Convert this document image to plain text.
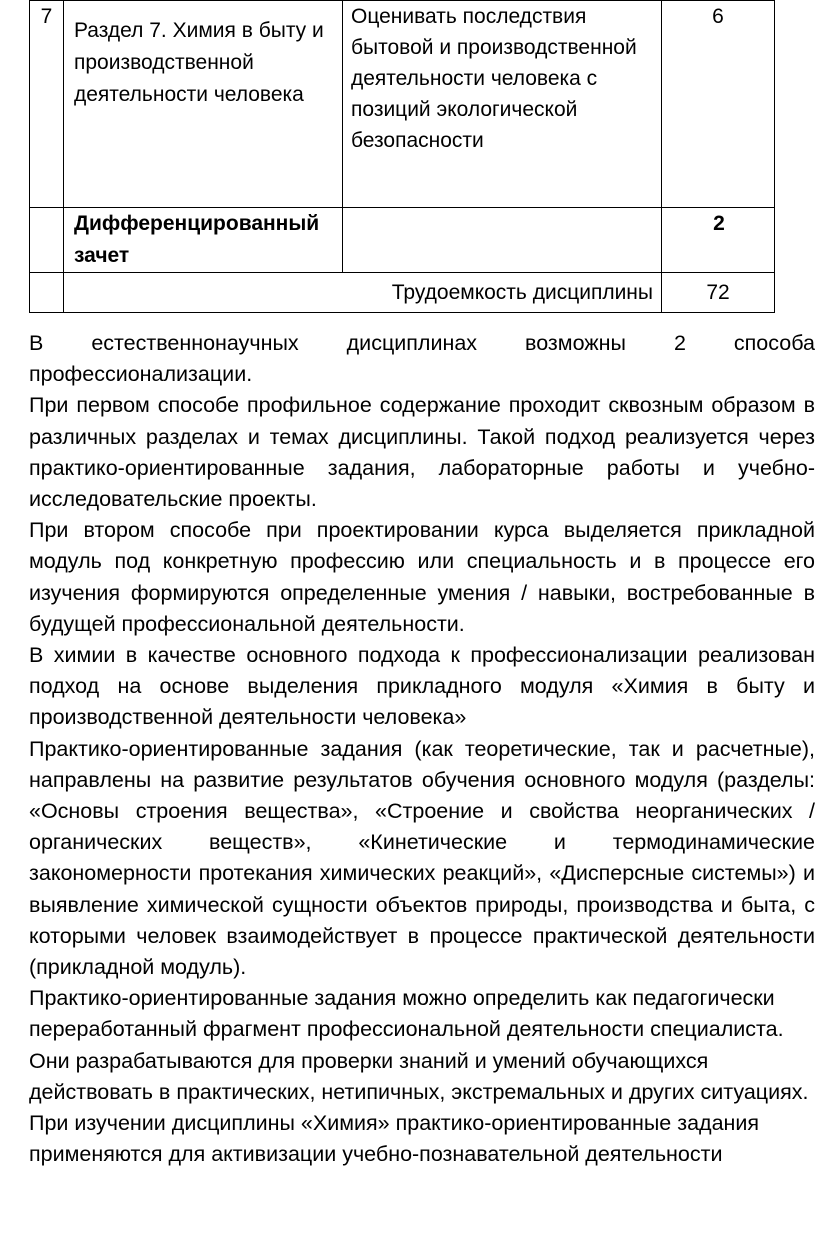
7	Раздел 7. Химия в быту и производственной деятельности человека	Оценивать последствия бытовой и производственной деятельности человека с позиций экологической безопасности	6
	Дифференцированный зачет		2
	Трудоемкость дисциплины		72

В естественнонаучных дисциплинах возможны 2 способа профессионализации.

При первом способе профильное содержание проходит сквозным образом в различных разделах и темах дисциплины. Такой подход реализуется через практико-ориентированные задания, лабораторные работы и учебно-исследовательские проекты.

При втором способе при проектировании курса выделяется прикладной модуль под конкретную профессию или специальность и в процессе его изучения формируются определенные умения / навыки, востребованные в будущей профессиональной деятельности.

В химии в качестве основного подхода к профессионализации реализован подход на основе выделения прикладного модуля «Химия в быту и производственной деятельности человека»

Практико-ориентированные задания (как теоретические, так и расчетные), направлены на развитие результатов обучения основного модуля (разделы: «Основы строения вещества», «Строение и свойства неорганических / органических веществ», «Кинетические и термодинамические закономерности протекания химических реакций», «Дисперсные системы») и выявление химической сущности объектов природы, производства и быта, с которыми человек взаимодействует в процессе практической деятельности (прикладной модуль).

Практико-ориентированные задания можно определить как педагогически переработанный фрагмент профессиональной деятельности специалиста. Они разрабатываются для проверки знаний и умений обучающихся действовать в практических, нетипичных, экстремальных и других ситуациях. При изучении дисциплины «Химия» практико-ориентированные задания применяются для активизации учебно-познавательной деятельности
